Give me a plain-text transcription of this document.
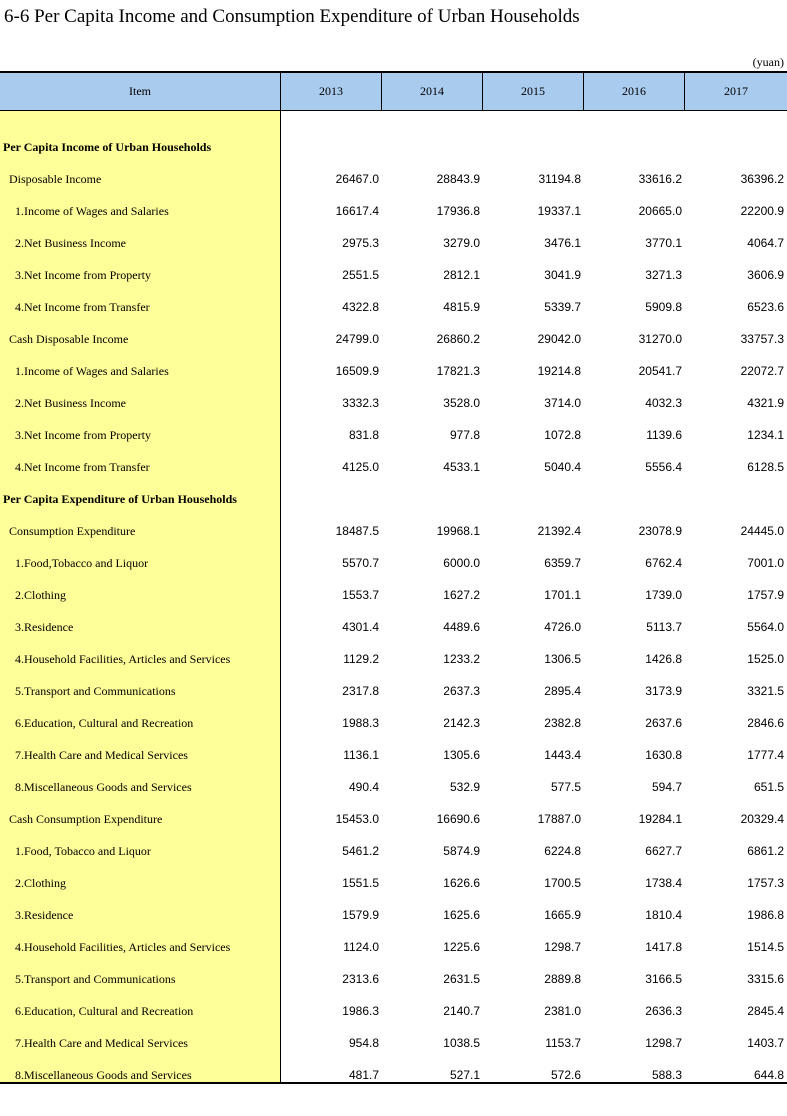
6-6 Per Capita Income and Consumption Expenditure of Urban Households
(yuan)
Item	2013	2014	2015	2016	2017
Per Capita Income of Urban Households
Disposable Income	26467.0	28843.9	31194.8	33616.2	36396.2
1.Income of Wages and Salaries	16617.4	17936.8	19337.1	20665.0	22200.9
2.Net Business Income	2975.3	3279.0	3476.1	3770.1	4064.7
3.Net Income from Property	2551.5	2812.1	3041.9	3271.3	3606.9
4.Net Income from Transfer	4322.8	4815.9	5339.7	5909.8	6523.6
Cash Disposable Income	24799.0	26860.2	29042.0	31270.0	33757.3
1.Income of Wages and Salaries	16509.9	17821.3	19214.8	20541.7	22072.7
2.Net Business Income	3332.3	3528.0	3714.0	4032.3	4321.9
3.Net Income from Property	831.8	977.8	1072.8	1139.6	1234.1
4.Net Income from Transfer	4125.0	4533.1	5040.4	5556.4	6128.5
Per Capita Expenditure of Urban Households
Consumption Expenditure	18487.5	19968.1	21392.4	23078.9	24445.0
1.Food,Tobacco and Liquor	5570.7	6000.0	6359.7	6762.4	7001.0
2.Clothing	1553.7	1627.2	1701.1	1739.0	1757.9
3.Residence	4301.4	4489.6	4726.0	5113.7	5564.0
4.Household Facilities, Articles and Services	1129.2	1233.2	1306.5	1426.8	1525.0
5.Transport and Communications	2317.8	2637.3	2895.4	3173.9	3321.5
6.Education, Cultural and Recreation	1988.3	2142.3	2382.8	2637.6	2846.6
7.Health Care and Medical Services	1136.1	1305.6	1443.4	1630.8	1777.4
8.Miscellaneous Goods and Services	490.4	532.9	577.5	594.7	651.5
Cash Consumption Expenditure	15453.0	16690.6	17887.0	19284.1	20329.4
1.Food, Tobacco and Liquor	5461.2	5874.9	6224.8	6627.7	6861.2
2.Clothing	1551.5	1626.6	1700.5	1738.4	1757.3
3.Residence	1579.9	1625.6	1665.9	1810.4	1986.8
4.Household Facilities, Articles and Services	1124.0	1225.6	1298.7	1417.8	1514.5
5.Transport and Communications	2313.6	2631.5	2889.8	3166.5	3315.6
6.Education, Cultural and Recreation	1986.3	2140.7	2381.0	2636.3	2845.4
7.Health Care and Medical Services	954.8	1038.5	1153.7	1298.7	1403.7
8.Miscellaneous Goods and Services	481.7	527.1	572.6	588.3	644.8
